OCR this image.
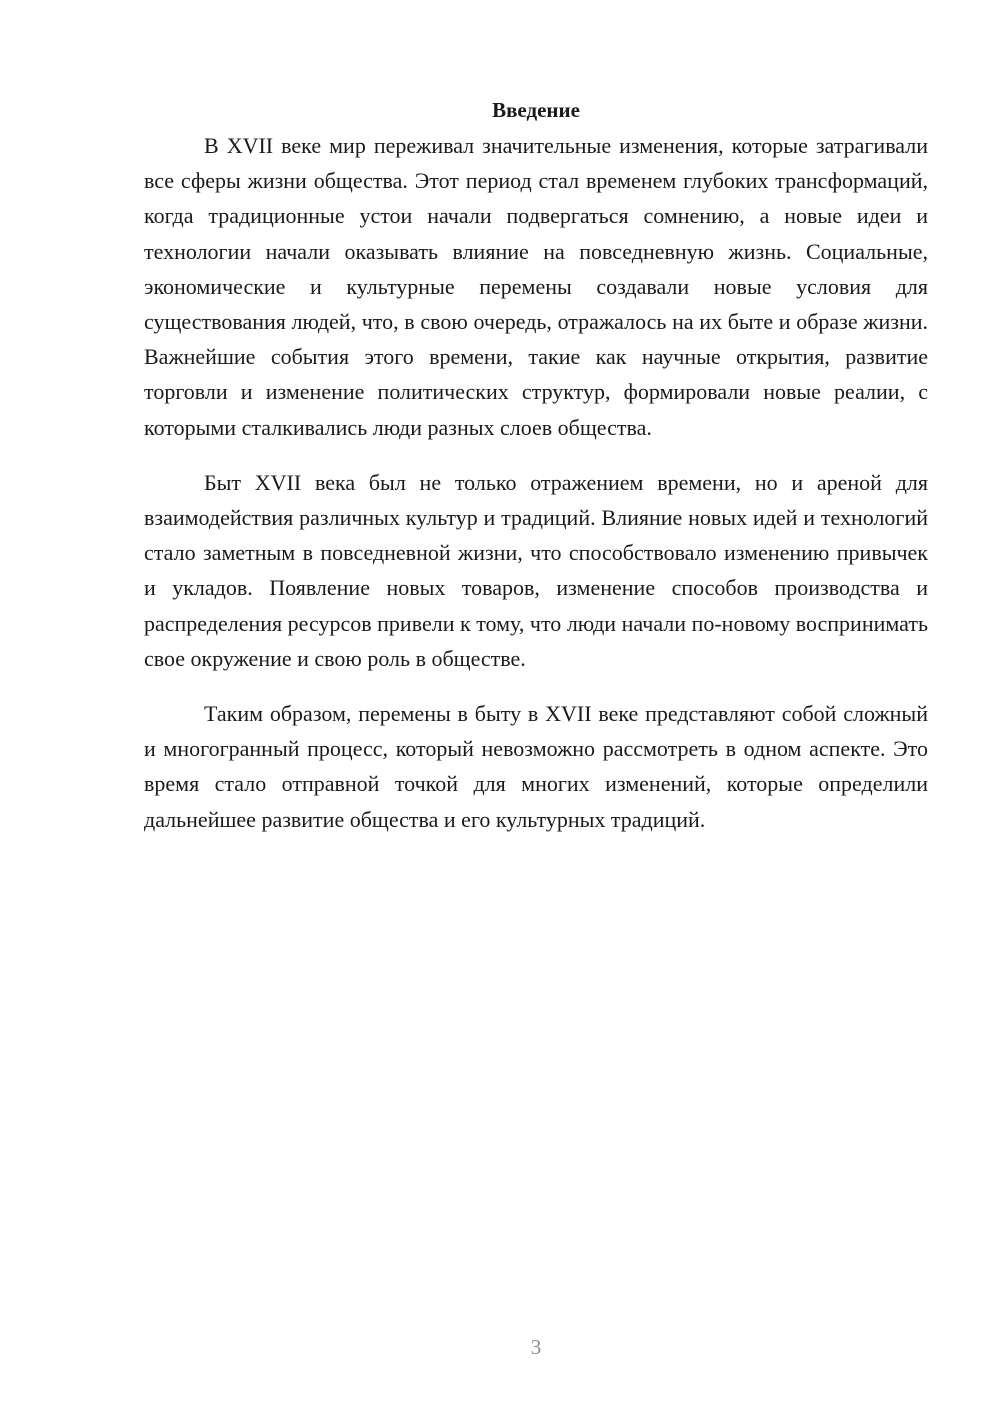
Введение

В XVII веке мир переживал значительные изменения, которые затрагивали все сферы жизни общества. Этот период стал временем глубоких трансформаций, когда традиционные устои начали подвергаться сомнению, а новые идеи и технологии начали оказывать влияние на повседневную жизнь. Социальные, экономические и культурные перемены создавали новые условия для существования людей, что, в свою очередь, отражалось на их быте и образе жизни. Важнейшие события этого времени, такие как научные открытия, развитие торговли и изменение политических структур, формировали новые реалии, с которыми сталкивались люди разных слоев общества.

Быт XVII века был не только отражением времени, но и ареной для взаимодействия различных культур и традиций. Влияние новых идей и технологий стало заметным в повседневной жизни, что способствовало изменению привычек и укладов. Появление новых товаров, изменение способов производства и распределения ресурсов привели к тому, что люди начали по-новому воспринимать свое окружение и свою роль в обществе.

Таким образом, перемены в быту в XVII веке представляют собой сложный и многогранный процесс, который невозможно рассмотреть в одном аспекте. Это время стало отправной точкой для многих изменений, которые определили дальнейшее развитие общества и его культурных традиций.

3
